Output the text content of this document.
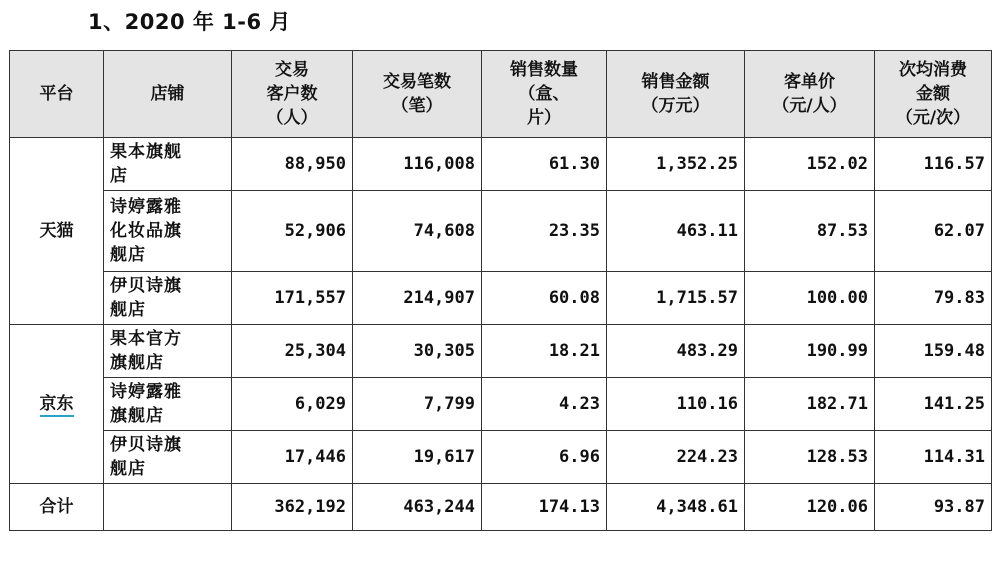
1、2020 年 1-6 月
平台	店铺	交易
客户数
（人）	交易笔数
（笔）	销售数量
（盒、
片）	销售金额
（万元）	客单价
（元/人）	次均消费
金额
（元/次）
天猫	果本旗舰
店	88,950	116,008	61.30	1,352.25	152.02	116.57
	诗婷露雅
化妆品旗
舰店	52,906	74,608	23.35	463.11	87.53	62.07
	伊贝诗旗
舰店	171,557	214,907	60.08	1,715.57	100.00	79.83
京东	果本官方
旗舰店	25,304	30,305	18.21	483.29	190.99	159.48
	诗婷露雅
旗舰店	6,029	7,799	4.23	110.16	182.71	141.25
	伊贝诗旗
舰店	17,446	19,617	6.96	224.23	128.53	114.31
合计		362,192	463,244	174.13	4,348.61	120.06	93.87
